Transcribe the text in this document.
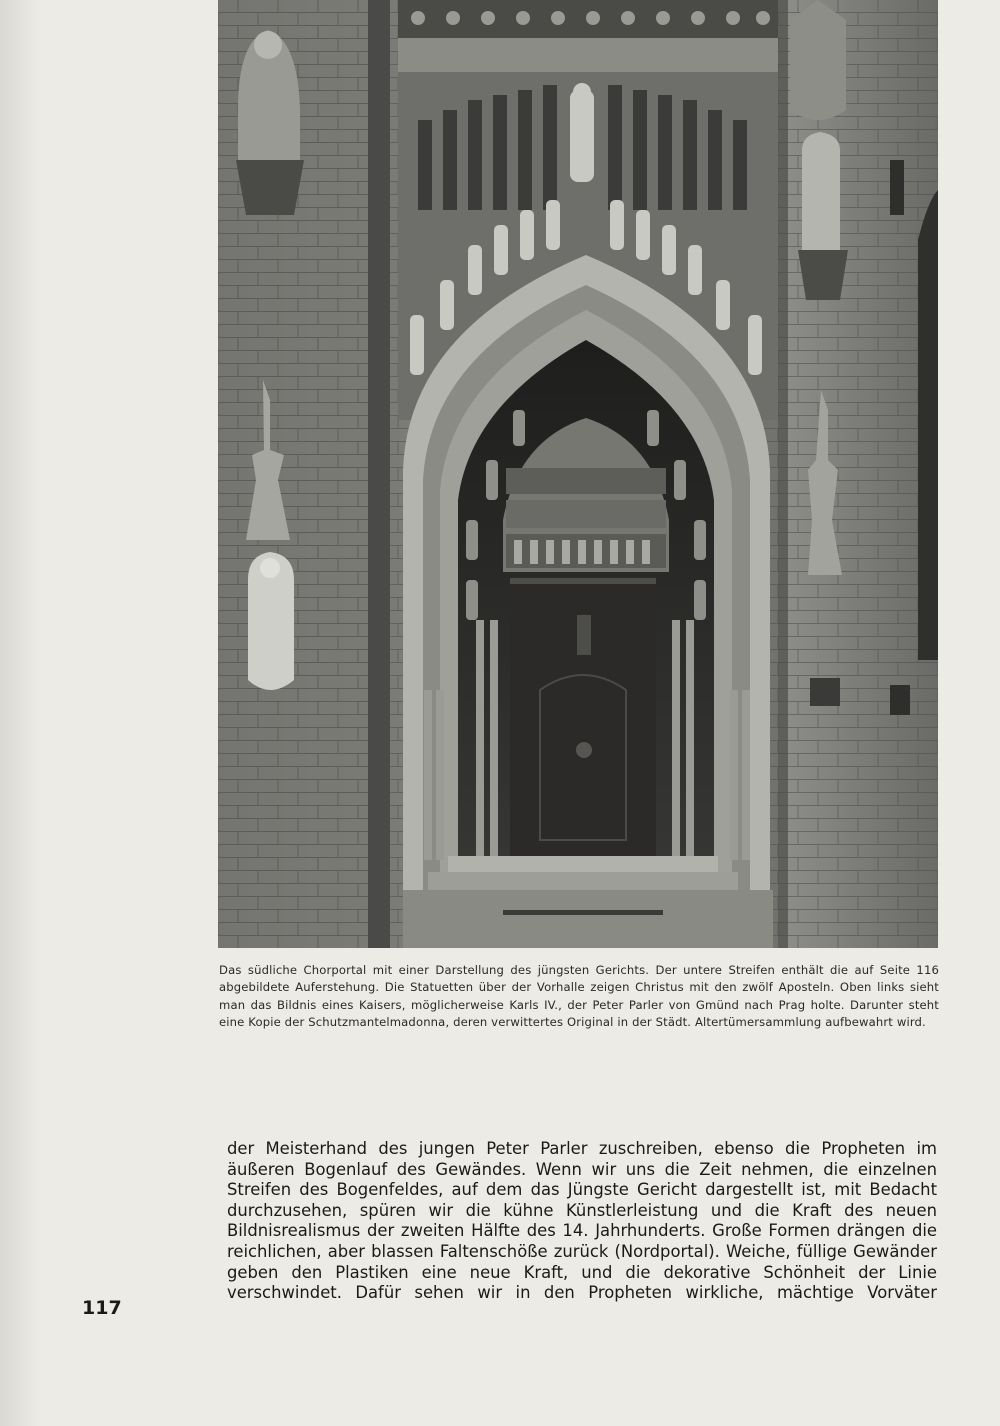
Das südliche Chorportal mit einer Darstellung des jüngsten Gerichts. Der untere Streifen enthält die auf Seite 116 abgebildete Auferstehung. Die Statuetten über der Vorhalle zeigen Christus mit den zwölf Aposteln. Oben links sieht man das Bildnis eines Kaisers, möglicherweise Karls IV., der Peter Parler von Gmünd nach Prag holte. Darunter steht eine Kopie der Schutzmantelmadonna, deren verwittertes Original in der Städt. Altertümersammlung aufbewahrt wird.

der Meisterhand des jungen Peter Parler zuschreiben, ebenso die Propheten im äußeren Bogenlauf des Gewändes. Wenn wir uns die Zeit nehmen, die einzelnen Streifen des Bogenfeldes, auf dem das Jüngste Gericht dargestellt ist, mit Bedacht durchzusehen, spüren wir die kühne Künstlerleistung und die Kraft des neuen Bildnisrealismus der zweiten Hälfte des 14. Jahrhunderts. Große Formen drängen die reichlichen, aber blassen Faltenschöße zurück (Nordportal). Weiche, füllige Gewänder geben den Plastiken eine neue Kraft, und die dekorative Schönheit der Linie verschwindet. Dafür sehen wir in den Propheten wirkliche, mächtige Vorväter

117
